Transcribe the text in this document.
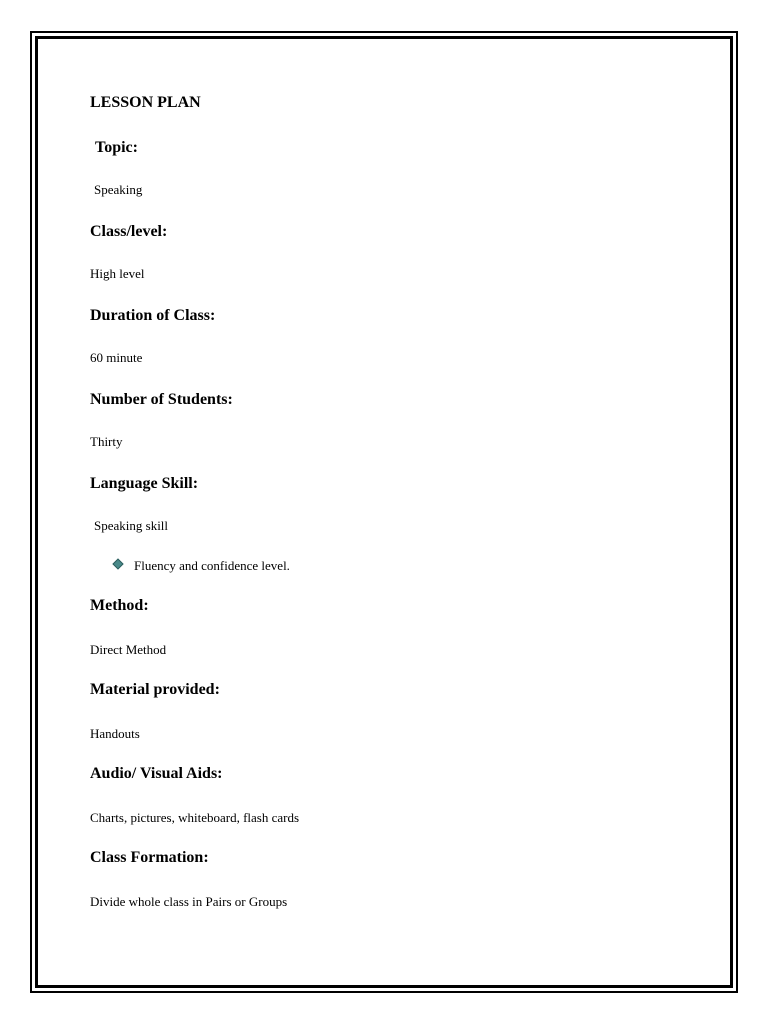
LESSON PLAN
Topic:
Speaking
Class/level:
High level
Duration of Class:
60 minute
Number of Students:
Thirty
Language Skill:
Speaking skill
Fluency and confidence level.
Method:
Direct Method
Material provided:
Handouts
Audio/ Visual Aids:
Charts, pictures, whiteboard, flash cards
Class Formation:
Divide whole class in Pairs or Groups
